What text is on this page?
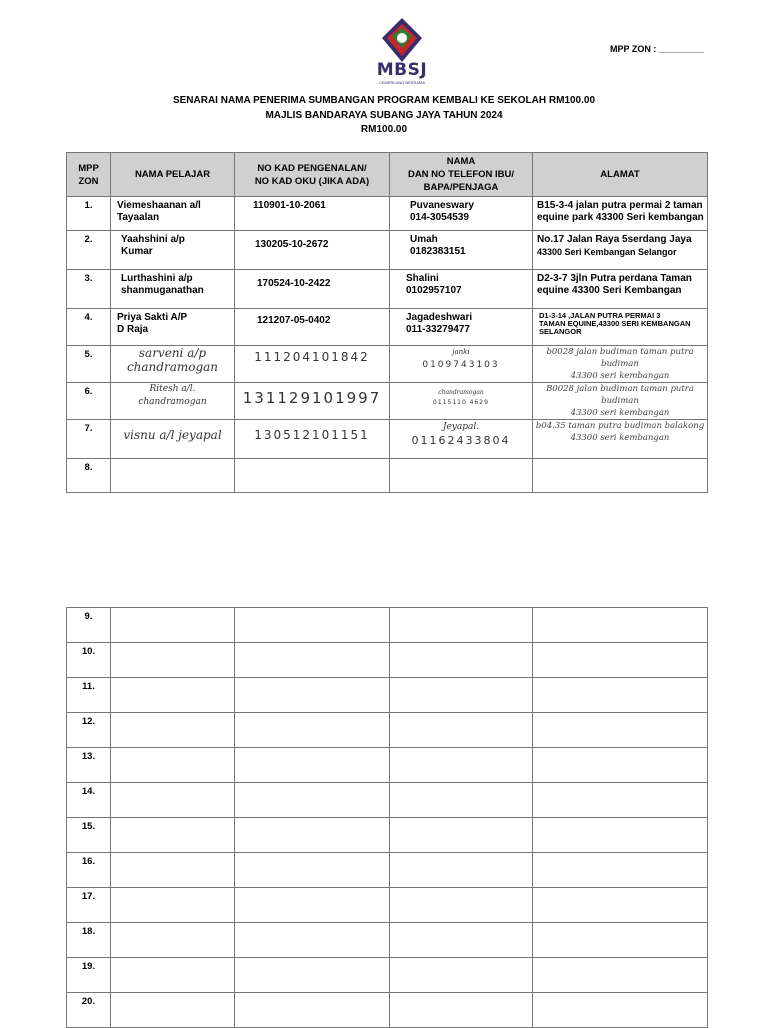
MBSJ
CEMERLANG BERSAMA
MPP ZON : _________
SENARAI NAMA PENERIMA SUMBANGAN PROGRAM KEMBALI KE SEKOLAH RM100.00
MAJLIS BANDARAYA SUBANG JAYA TAHUN 2024
RM100.00
MPP
ZON	NAMA PELAJAR	NO KAD PENGENALAN/
NO KAD OKU (JIKA ADA)	NAMA
DAN NO TELEFON IBU/
BAPA/PENJAGA	ALAMAT
1.	Viemeshaanan a/l
Tayaalan	110901-10-2061	Puvaneswary
014-3054539	B15-3-4 jalan putra permai 2 taman
equine park 43300 Seri kembangan
2.	Yaahshini a/p
Kumar	130205-10-2672	Umah
0182383151	No.17 Jalan Raya 5serdang Jaya
43300 Seri Kembangan Selangor
3.	Lurthashini a/p
shanmuganathan	170524-10-2422	Shalini
0102957107	D2-3-7 3jln Putra perdana Taman
equine 43300 Seri Kembangan
4.	Priya Sakti A/P
D Raja	121207-05-0402	Jagadeshwari
011-33279477	D1-3-14 ,JALAN PUTRA PERMAI 3
TAMAN EQUINE,43300 SERI KEMBANGAN
SELANGOR
5.	sarveni a/p
chandramogan	111204101842	janki
0109743103	b0028 jalan budiman taman putra budiman
43300 seri kembangan
6.	Ritesh a/l.
chandramogan	131129101997	chandramogan
0115110 4629	B0028 jalan budiman taman putra budiman
43300 seri kembangan
7.	visnu a/l jeyapal	130512101151	Jeyapal.
01162433804	b04.35 taman putra budiman balakong
43300 seri kembangan
8.				
9.				
10.				
11.				
12.				
13.				
14.				
15.				
16.				
17.				
18.				
19.				
20.				
